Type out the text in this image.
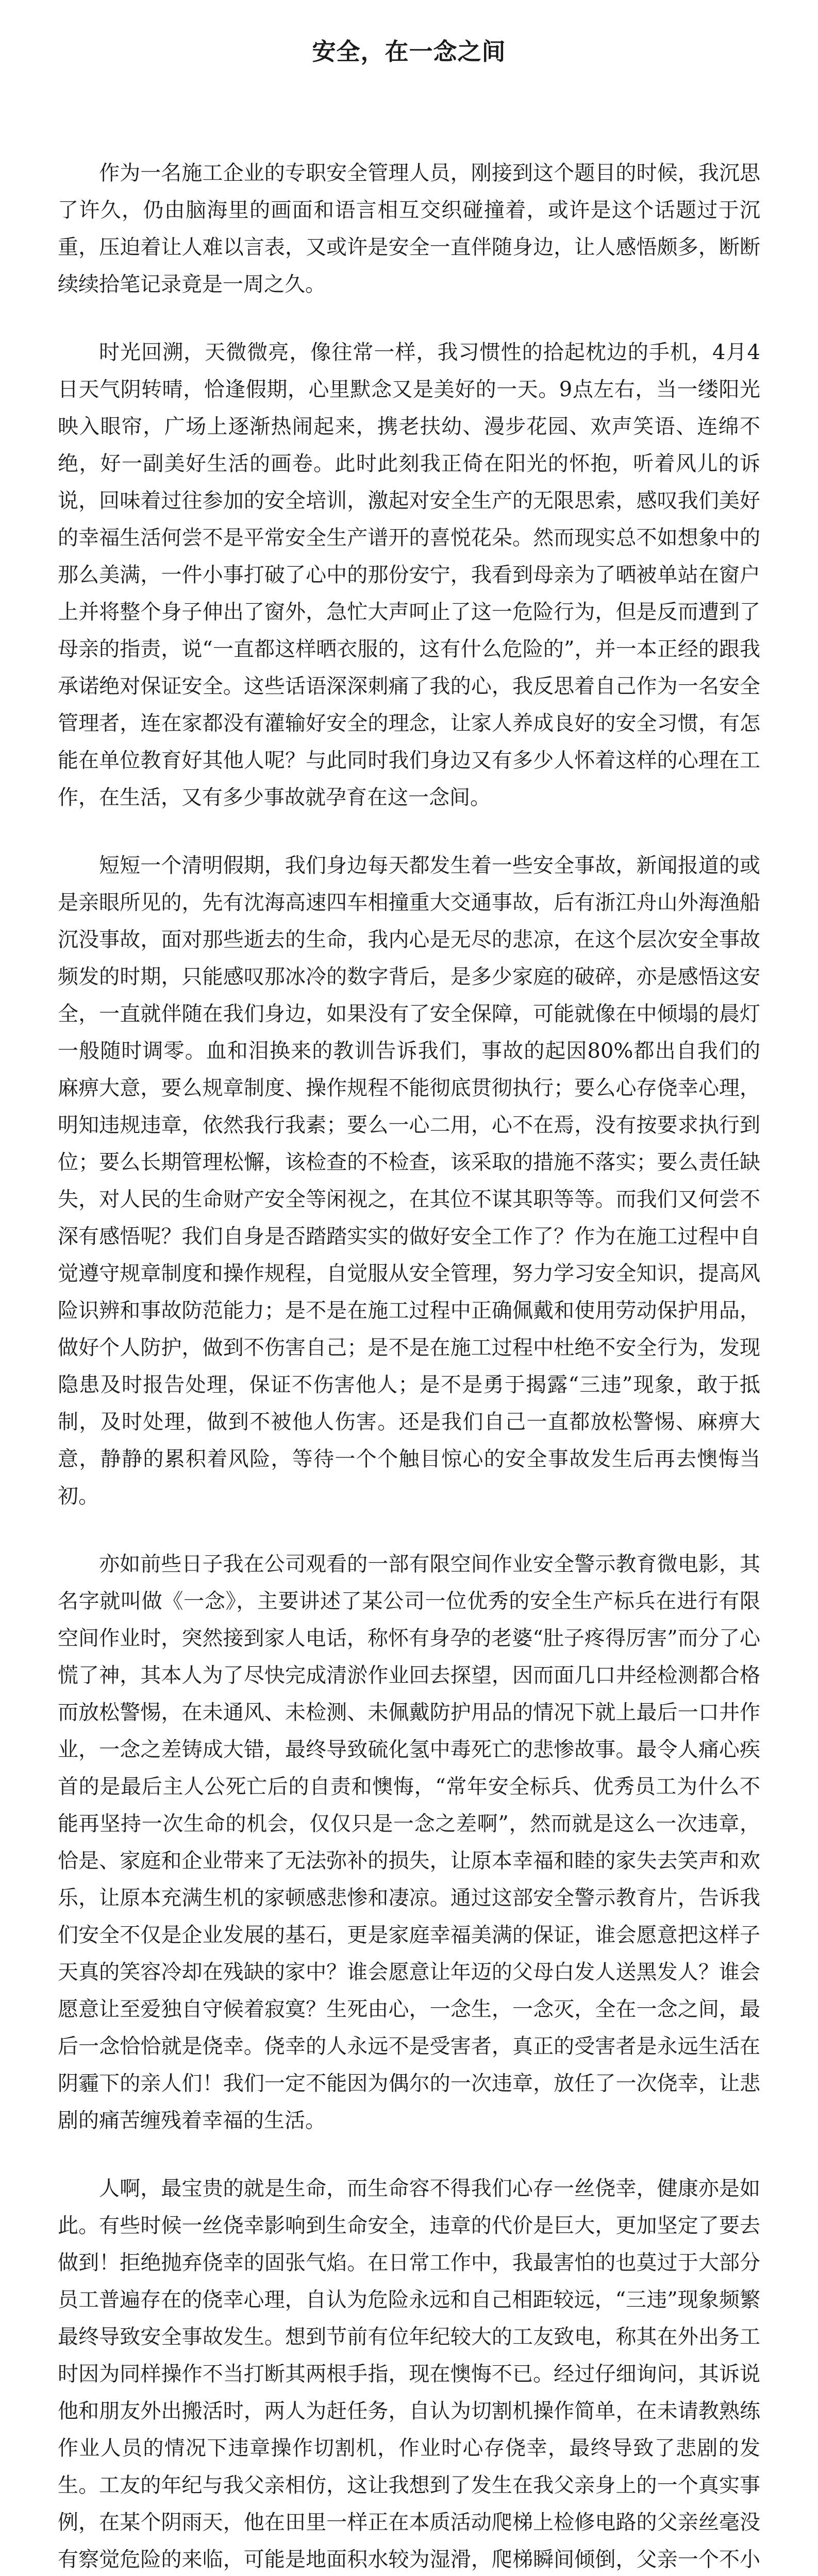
安全，在一念之间

作为一名施工企业的专职安全管理人员，刚接到这个题目的时候，我沉思了许久，仍由脑海里的画面和语言相互交织碰撞着，或许是这个话题过于沉重，压迫着让人难以言表，又或许是安全一直伴随身边，让人感悟颇多，断断续续拾笔记录竟是一周之久。

时光回溯，天微微亮，像往常一样，我习惯性的拾起枕边的手机，4月4日天气阴转晴，恰逢假期，心里默念又是美好的一天。9点左右，当一缕阳光映入眼帘，广场上逐渐热闹起来，携老扶幼、漫步花园、欢声笑语、连绵不绝，好一副美好生活的画卷。此时此刻我正倚在阳光的怀抱，听着风儿的诉说，回味着过往参加的安全培训，激起对安全生产的无限思索，感叹我们美好的幸福生活何尝不是平常安全生产谱开的喜悦花朵。然而现实总不如想象中的那么美满，一件小事打破了心中的那份安宁，我看到母亲为了晒被单站在窗户上并将整个身子伸出了窗外，急忙大声呵止了这一危险行为，但是反而遭到了母亲的指责，说“一直都这样晒衣服的，这有什么危险的”，并一本正经的跟我承诺绝对保证安全。这些话语深深刺痛了我的心，我反思着自己作为一名安全管理者，连在家都没有灌输好安全的理念，让家人养成良好的安全习惯，有怎能在单位教育好其他人呢？与此同时我们身边又有多少人怀着这样的心理在工作，在生活，又有多少事故就孕育在这一念间。

短短一个清明假期，我们身边每天都发生着一些安全事故，新闻报道的或是亲眼所见的，先有沈海高速四车相撞重大交通事故，后有浙江舟山外海渔船沉没事故，面对那些逝去的生命，我内心是无尽的悲凉，在这个层次安全事故频发的时期，只能感叹那冰冷的数字背后，是多少家庭的破碎，亦是感悟这安全，一直就伴随在我们身边，如果没有了安全保障，可能就像在中倾塌的晨灯一般随时调零。血和泪换来的教训告诉我们，事故的起因80%都出自我们的麻痹大意，要么规章制度、操作规程不能彻底贯彻执行；要么心存侥幸心理，明知违规违章，依然我行我素；要么一心二用，心不在焉，没有按要求执行到位；要么长期管理松懈，该检查的不检查，该采取的措施不落实；要么责任缺失，对人民的生命财产安全等闲视之，在其位不谋其职等等。而我们又何尝不深有感悟呢？我们自身是否踏踏实实的做好安全工作了？作为在施工过程中自觉遵守规章制度和操作规程，自觉服从安全管理，努力学习安全知识，提高风险识辨和事故防范能力；是不是在施工过程中正确佩戴和使用劳动保护用品，做好个人防护，做到不伤害自己；是不是在施工过程中杜绝不安全行为，发现隐患及时报告处理，保证不伤害他人；是不是勇于揭露“三违”现象，敢于抵制，及时处理，做到不被他人伤害。还是我们自己一直都放松警惕、麻痹大意，静静的累积着风险，等待一个个触目惊心的安全事故发生后再去懊悔当初。

亦如前些日子我在公司观看的一部有限空间作业安全警示教育微电影，其名字就叫做《一念》，主要讲述了某公司一位优秀的安全生产标兵在进行有限空间作业时，突然接到家人电话，称怀有身孕的老婆“肚子疼得厉害”而分了心慌了神，其本人为了尽快完成清淤作业回去探望，因而面几口井经检测都合格而放松警惕，在未通风、未检测、未佩戴防护用品的情况下就上最后一口井作业，一念之差铸成大错，最终导致硫化氢中毒死亡的悲惨故事。最令人痛心疾首的是最后主人公死亡后的自责和懊悔，“常年安全标兵、优秀员工为什么不能再坚持一次生命的机会，仅仅只是一念之差啊”，然而就是这么一次违章，恰是、家庭和企业带来了无法弥补的损失，让原本幸福和睦的家失去笑声和欢乐，让原本充满生机的家顿感悲惨和凄凉。通过这部安全警示教育片，告诉我们安全不仅是企业发展的基石，更是家庭幸福美满的保证，谁会愿意把这样子天真的笑容冷却在残缺的家中？谁会愿意让年迈的父母白发人送黑发人？谁会愿意让至爱独自守候着寂寞？生死由心，一念生，一念灭，全在一念之间，最后一念恰恰就是侥幸。侥幸的人永远不是受害者，真正的受害者是永远生活在阴霾下的亲人们！我们一定不能因为偶尔的一次违章，放任了一次侥幸，让悲剧的痛苦缠残着幸福的生活。

人啊，最宝贵的就是生命，而生命容不得我们心存一丝侥幸，健康亦是如此。有些时候一丝侥幸影响到生命安全，违章的代价是巨大，更加坚定了要去做到！拒绝抛弃侥幸的固张气焰。在日常工作中，我最害怕的也莫过于大部分员工普遍存在的侥幸心理，自认为危险永远和自己相距较远，“三违”现象频繁最终导致安全事故发生。想到节前有位年纪较大的工友致电，称其在外出务工时因为同样操作不当打断其两根手指，现在懊悔不已。经过仔细询问，其诉说他和朋友外出搬活时，两人为赶任务，自认为切割机操作简单，在未请教熟练作业人员的情况下违章操作切割机，作业时心存侥幸，最终导致了悲剧的发生。工友的年纪与我父亲相仿，这让我想到了发生在我父亲身上的一个真实事例，在某个阴雨天，他在田里一样正在本质活动爬梯上检修电路的父亲丝毫没有察觉危险的来临，可能是地面积水较为湿滑，爬梯瞬间倾倒，父亲一个不小
